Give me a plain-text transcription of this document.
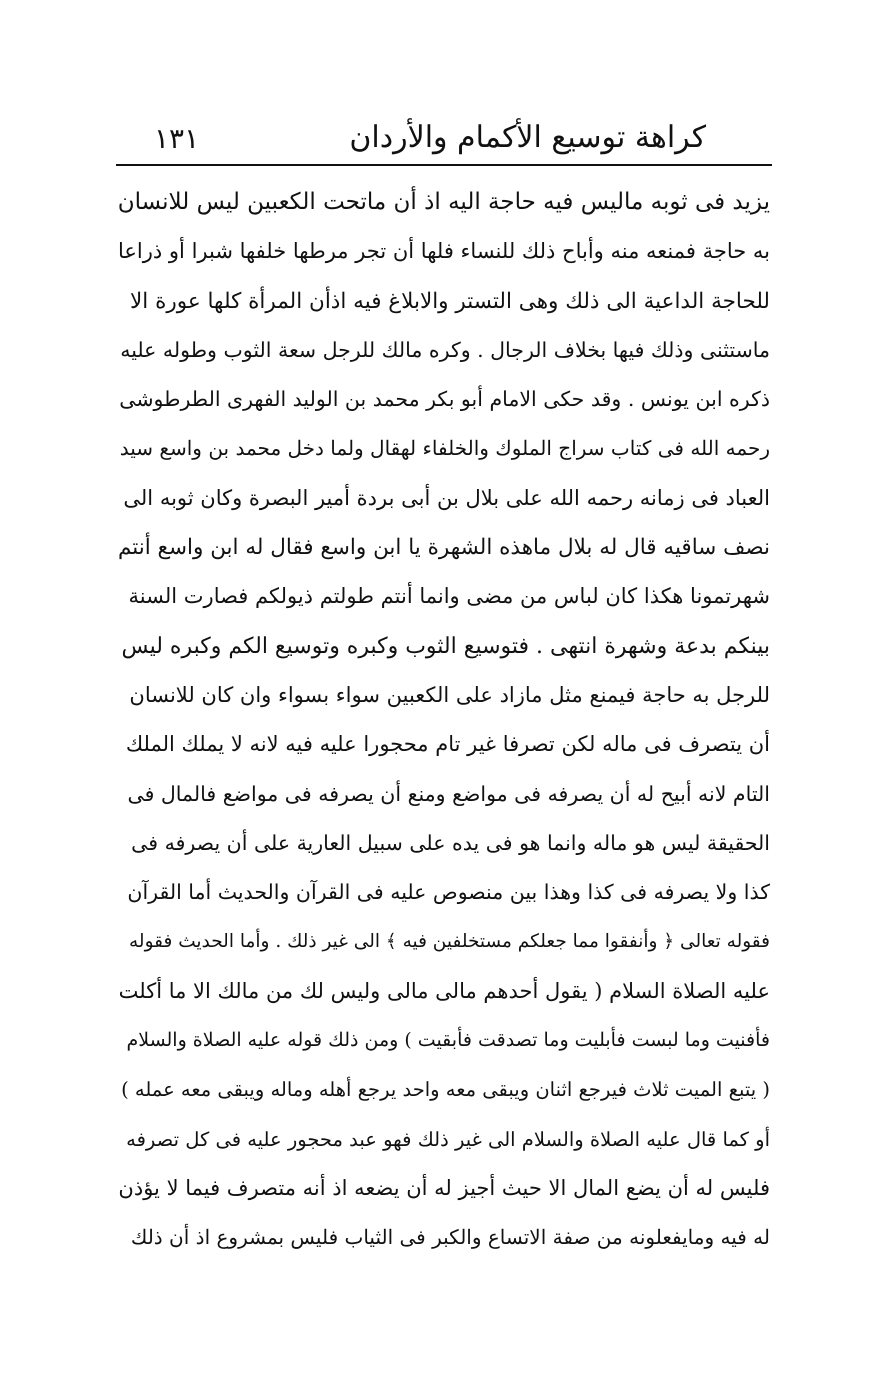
كراهة توسيع الأكمام والأردان
١٣١
يزيد فى ثوبه ماليس فيه حاجة اليه اذ أن ماتحت الكعبين ليس للانسان
به حاجة فمنعه منه وأباح ذلك للنساء فلها أن تجر مرطها خلفها شبرا أو ذراعا
للحاجة الداعية الى ذلك وهى التستر والابلاغ فيه اذأن المرأة كلها عورة الا
ماستثنى وذلك فيها بخلاف الرجال . وكره مالك للرجل سعة الثوب وطوله عليه
ذكره ابن يونس . وقد حكى الامام أبو بكر محمد بن الوليد الفهرى الطرطوشى
رحمه الله فى كتاب سراج الملوك والخلفاء لهقال ولما دخل محمد بن واسع سيد
العباد فى زمانه رحمه الله على بلال بن أبى بردة أمير البصرة وكان ثوبه الى
نصف ساقيه قال له بلال ماهذه الشهرة يا ابن واسع فقال له ابن واسع أنتم
شهرتمونا هكذا كان لباس من مضى وانما أنتم طولتم ذيولكم فصارت السنة
بينكم بدعة وشهرة انتهى . فتوسيع الثوب وكبره وتوسيع الكم وكبره ليس
للرجل به حاجة فيمنع مثل مازاد على الكعبين سواء بسواء وان كان للانسان
أن يتصرف فى ماله لكن تصرفا غير تام محجورا عليه فيه لانه لا يملك الملك
التام لانه أبيح له أن يصرفه فى مواضع ومنع أن يصرفه فى مواضع فالمال فى
الحقيقة ليس هو ماله وانما هو فى يده على سبيل العارية على أن يصرفه فى
كذا ولا يصرفه فى كذا وهذا بين منصوص عليه فى القرآن والحديث أما القرآن
فقوله تعالى ﴿ وأنفقوا مما جعلكم مستخلفين فيه ﴾ الى غير ذلك . وأما الحديث فقوله
عليه الصلاة السلام ( يقول أحدهم مالى مالى وليس لك من مالك الا ما أكلت
فأفنيت وما لبست فأبليت وما تصدقت فأبقيت ) ومن ذلك قوله عليه الصلاة والسلام
( يتبع الميت ثلاث فيرجع اثنان ويبقى معه واحد يرجع أهله وماله ويبقى معه عمله )
أو كما قال عليه الصلاة والسلام الى غير ذلك فهو عبد محجور عليه فى كل تصرفه
فليس له أن يضع المال الا حيث أجيز له أن يضعه اذ أنه متصرف فيما لا يؤذن
له فيه ومايفعلونه من صفة الاتساع والكبر فى الثياب فليس بمشروع اذ أن ذلك
